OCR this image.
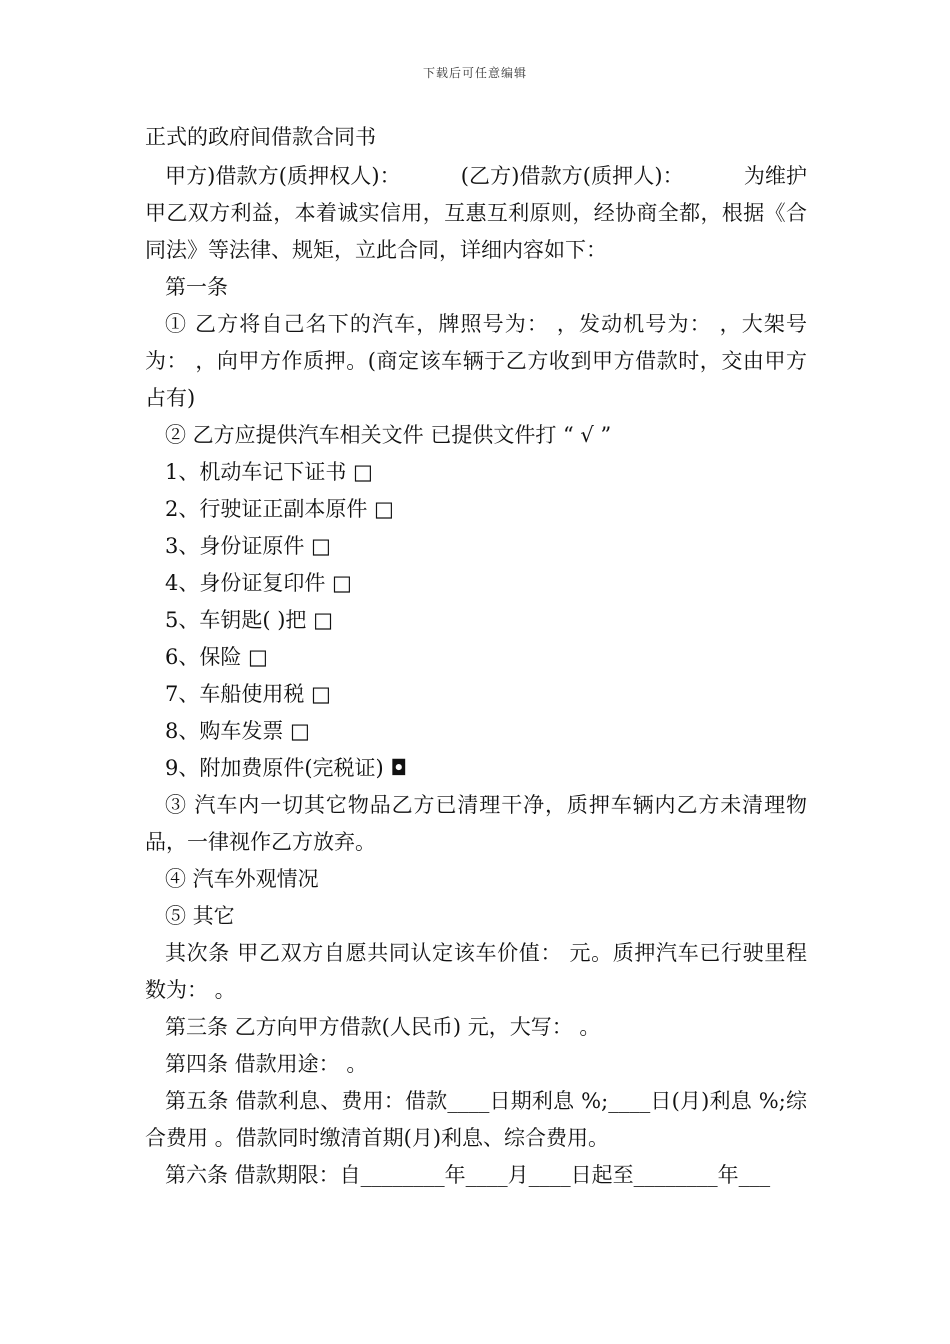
下载后可任意编辑
正式的政府间借款合同书

甲方)借款方(质押权人)：	(乙方)借款方(质押人)：	为维护甲乙双方利益，本着诚实信用，互惠互利原则，经协商全都，根据《合同法》等法律、规矩，立此合同，详细内容如下：

第一条

① 乙方将自己名下的汽车，牌照号为： ，发动机号为： ，大架号为： ，向甲方作质押。(商定该车辆于乙方收到甲方借款时，交由甲方占有)

② 乙方应提供汽车相关文件 已提供文件打 “ √ ”

1、机动车记下证书 □

2、行驶证正副本原件 □

3、身份证原件 □

4、身份证复印件 □

5、车钥匙( )把 □

6、保险 □

7、车船使用税 □

8、购车发票 □

9、附加费原件(完税证) ◘

③ 汽车内一切其它物品乙方已清理干净，质押车辆内乙方未清理物品，一律视作乙方放弃。

④ 汽车外观情况

⑤ 其它

其次条 甲乙双方自愿共同认定该车价值： 元。质押汽车已行驶里程数为： 。

第三条 乙方向甲方借款(人民币) 元，大写： 。

第四条 借款用途： 。

第五条 借款利息、费用：借款____日期利息 %;____日(月)利息 %;综合费用 。借款同时缴清首期(月)利息、综合费用。

第六条 借款期限：自________年____月____日起至________年___
